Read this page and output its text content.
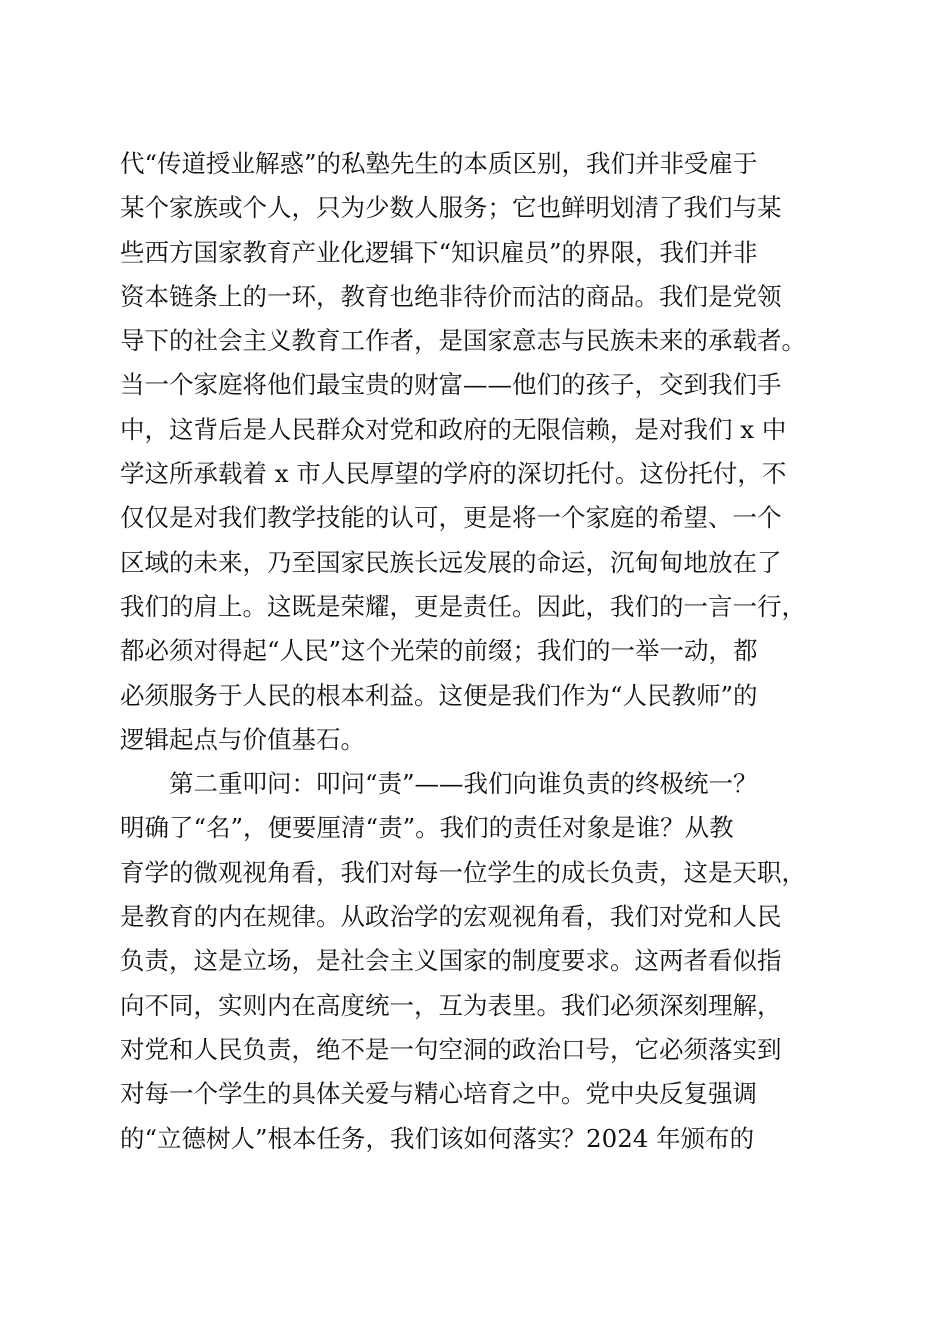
代“传道授业解惑”的私塾先生的本质区别，我们并非受雇于
某个家族或个人，只为少数人服务；它也鲜明划清了我们与某
些西方国家教育产业化逻辑下“知识雇员”的界限，我们并非
资本链条上的一环，教育也绝非待价而沽的商品。我们是党领
导下的社会主义教育工作者，是国家意志与民族未来的承载者。
当一个家庭将他们最宝贵的财富——他们的孩子，交到我们手
中，这背后是人民群众对党和政府的无限信赖，是对我们 x 中
学这所承载着 x 市人民厚望的学府的深切托付。这份托付，不
仅仅是对我们教学技能的认可，更是将一个家庭的希望、一个
区域的未来，乃至国家民族长远发展的命运，沉甸甸地放在了
我们的肩上。这既是荣耀，更是责任。因此，我们的一言一行，
都必须对得起“人民”这个光荣的前缀；我们的一举一动，都
必须服务于人民的根本利益。这便是我们作为“人民教师”的
逻辑起点与价值基石。
第二重叩问：叩问“责”——我们向谁负责的终极统一？
明确了“名”，便要厘清“责”。我们的责任对象是谁？从教
育学的微观视角看，我们对每一位学生的成长负责，这是天职，
是教育的内在规律。从政治学的宏观视角看，我们对党和人民
负责，这是立场，是社会主义国家的制度要求。这两者看似指
向不同，实则内在高度统一，互为表里。我们必须深刻理解，
对党和人民负责，绝不是一句空洞的政治口号，它必须落实到
对每一个学生的具体关爱与精心培育之中。党中央反复强调
的“立德树人”根本任务，我们该如何落实？2024 年颁布的
